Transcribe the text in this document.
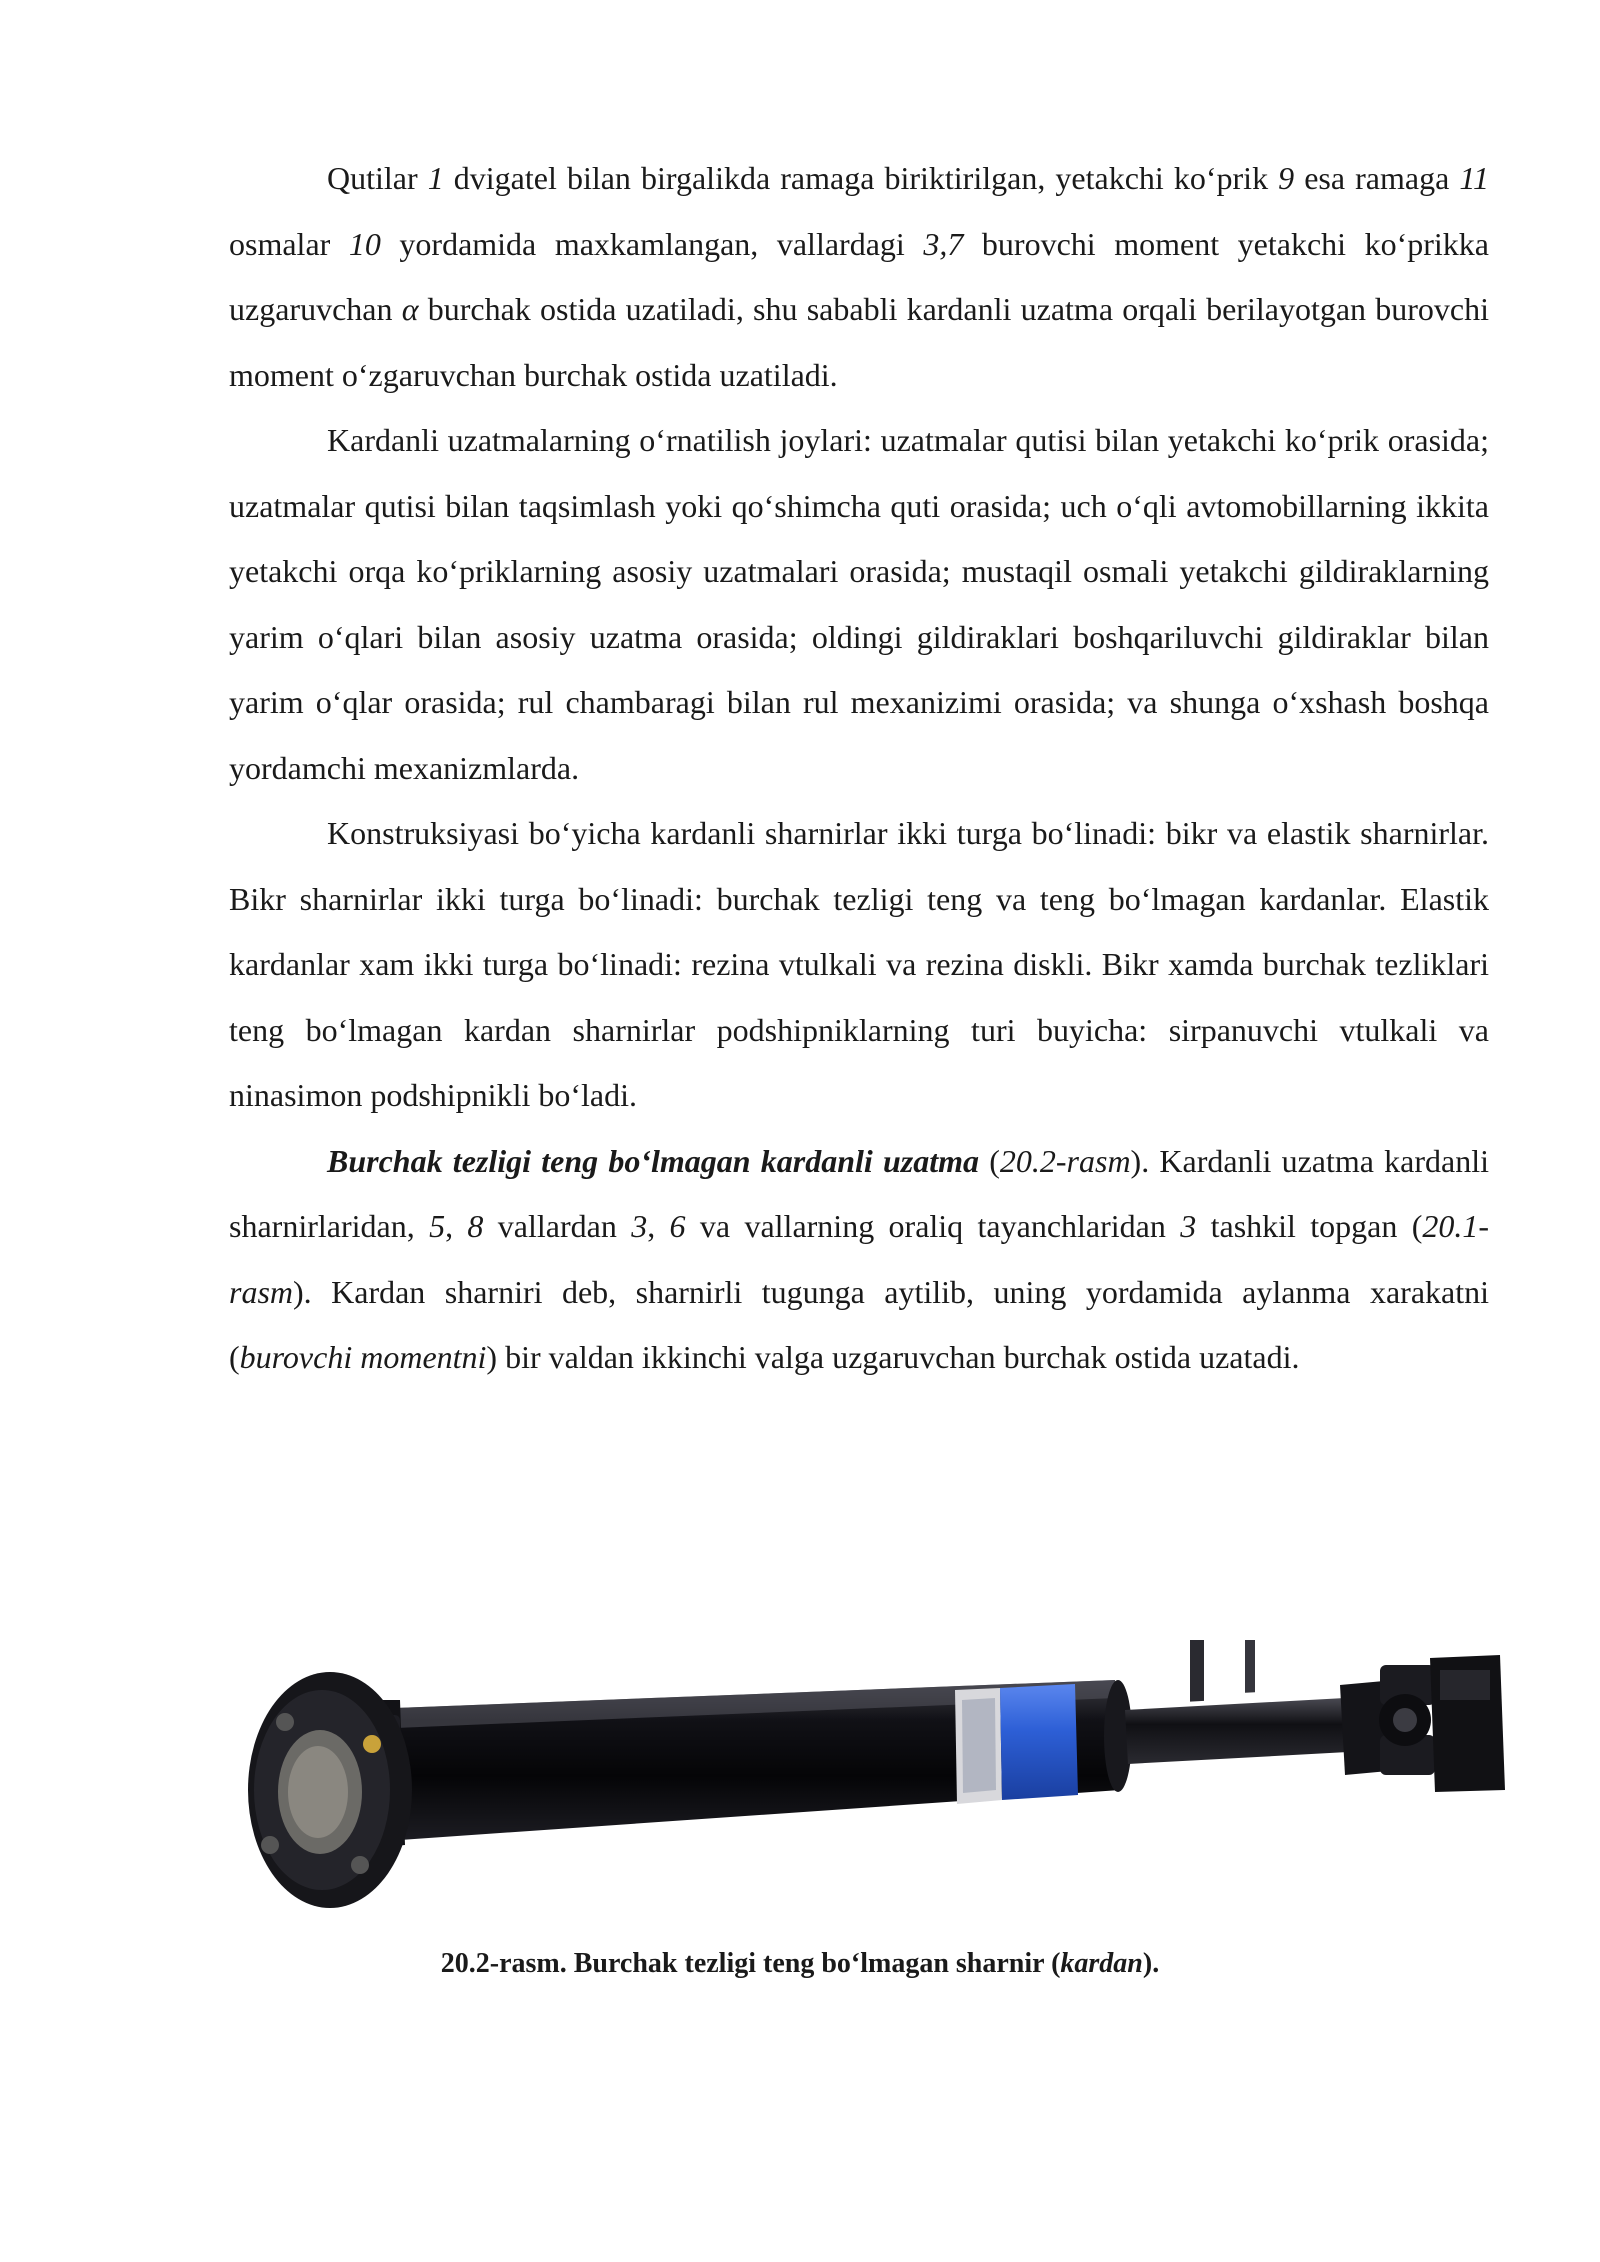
Qutilar 1 dvigatel bilan birgalikda ramaga biriktirilgan, yetakchi ko‘prik 9 esa ramaga 11 osmalar 10 yordamida maxkamlangan, vallardagi 3,7 burovchi moment yetakchi ko‘prikka uzgaruvchan α burchak ostida uzatiladi, shu sababli kardanli uzatma orqali berilayotgan burovchi moment o‘zgaruvchan burchak ostida uzatiladi.

Kardanli uzatmalarning o‘rnatilish joylari: uzatmalar qutisi bilan yetakchi ko‘prik orasida; uzatmalar qutisi bilan taqsimlash yoki qo‘shimcha quti orasida; uch o‘qli avtomobillarning ikkita yetakchi orqa ko‘priklarning asosiy uzatmalari orasida; mustaqil osmali yetakchi gildiraklarning yarim o‘qlari bilan asosiy uzatma orasida; oldingi gildiraklari boshqariluvchi gildiraklar bilan yarim o‘qlar orasida; rul chambaragi bilan rul mexanizimi orasida; va shunga o‘xshash boshqa yordamchi mexanizmlarda.

Konstruksiyasi bo‘yicha kardanli sharnirlar ikki turga bo‘linadi: bikr va elastik sharnirlar. Bikr sharnirlar ikki turga bo‘linadi: burchak tezligi teng va teng bo‘lmagan kardanlar. Elastik kardanlar xam ikki turga bo‘linadi: rezina vtulkali va rezina diskli. Bikr xamda burchak tezliklari teng bo‘lmagan kardan sharnirlar podshipniklarning turi buyicha: sirpanuvchi vtulkali va ninasimon podshipnikli bo‘ladi.

Burchak tezligi teng bo‘lmagan kardanli uzatma (20.2-rasm). Kardanli uzatma kardanli sharnirlaridan, 5, 8 vallardan 3, 6 va vallarning oraliq tayanchlaridan 3 tashkil topgan (20.1-rasm). Kardan sharniri deb, sharnirli tugunga aytilib, uning yordamida aylanma xarakatni (burovchi momentni) bir valdan ikkinchi valga uzgaruvchan burchak ostida uzatadi.

20.2-rasm. Burchak tezligi teng bo‘lmagan sharnir (kardan).
